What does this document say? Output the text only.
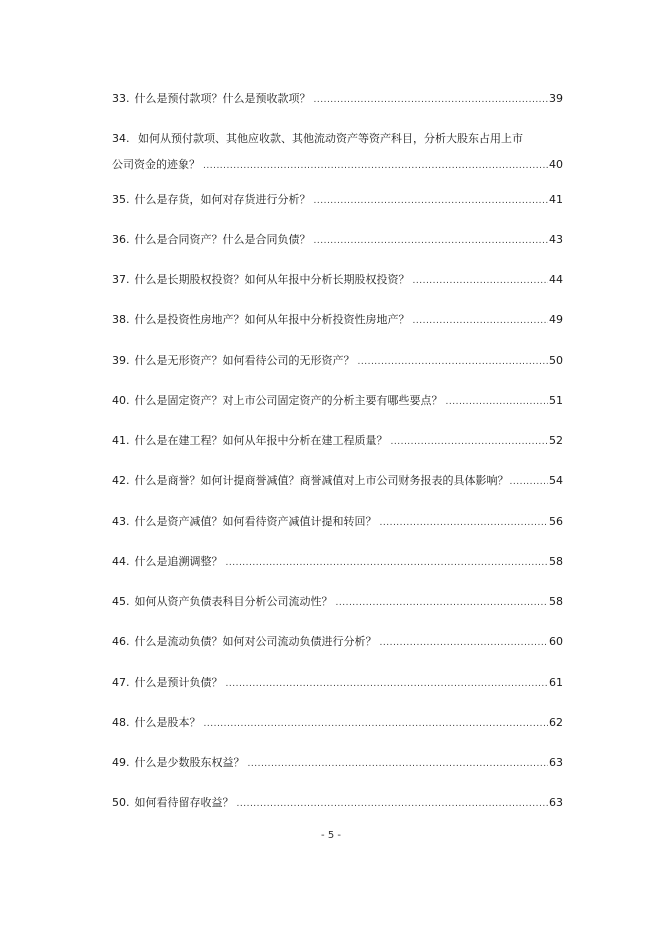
33. 什么是预付款项？什么是预收款项？ .....	39
34. 如何从预付款项、其他应收款、其他流动资产等资产科目，分析大股东占用上市
公司资金的迹象？ .....	40
35. 什么是存货，如何对存货进行分析？ .....	41
36. 什么是合同资产？什么是合同负债？ .....	43
37. 什么是长期股权投资？如何从年报中分析长期股权投资？ .....	44
38. 什么是投资性房地产？如何从年报中分析投资性房地产？ .....	49
39. 什么是无形资产？如何看待公司的无形资产？ .....	50
40. 什么是固定资产？对上市公司固定资产的分析主要有哪些要点？ .....	51
41. 什么是在建工程？如何从年报中分析在建工程质量？ .....	52
42. 什么是商誉？如何计提商誉减值？商誉减值对上市公司财务报表的具体影响？ .....	54
43. 什么是资产减值？如何看待资产减值计提和转回？ .....	56
44. 什么是追溯调整？ .....	58
45. 如何从资产负债表科目分析公司流动性？ .....	58
46. 什么是流动负债？如何对公司流动负债进行分析？ .....	60
47. 什么是预计负债？ .....	61
48. 什么是股本？ .....	62
49. 什么是少数股东权益？ .....	63
50. 如何看待留存收益？ .....	63
- 5 -
